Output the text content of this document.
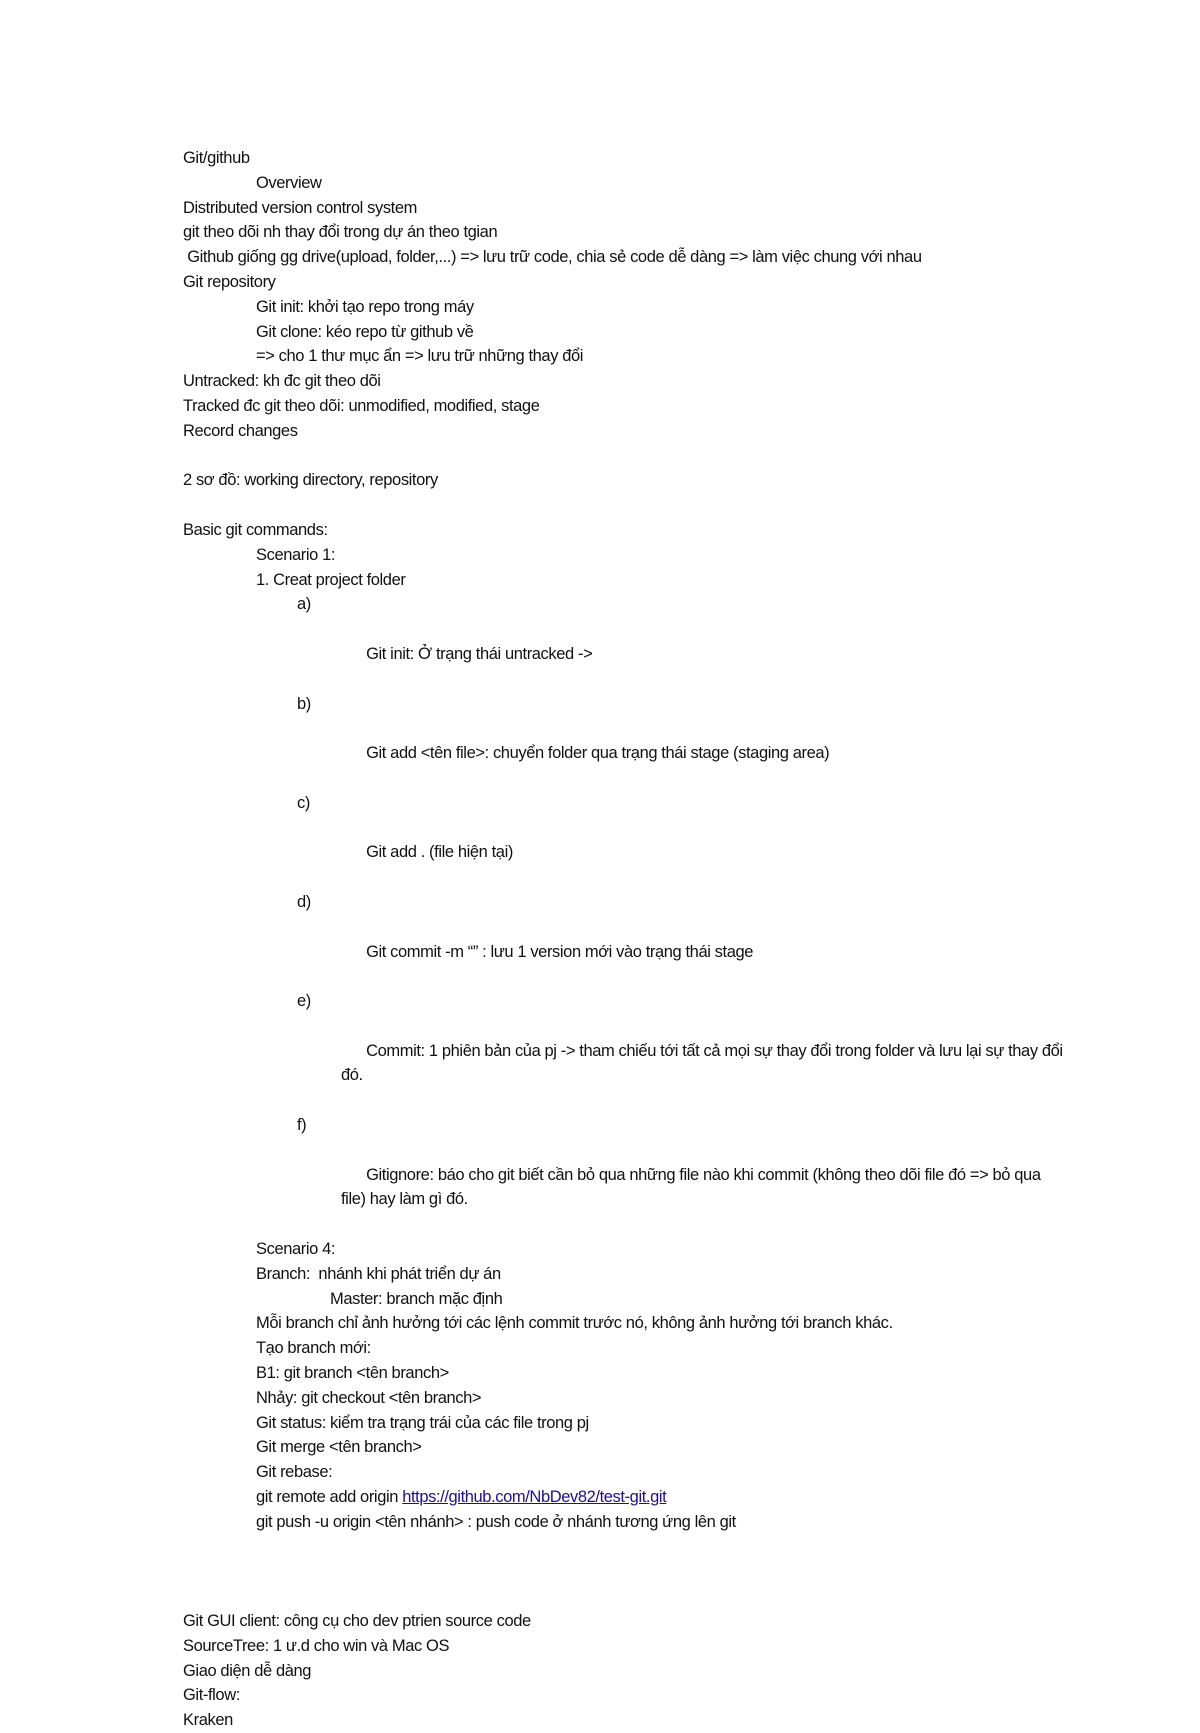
Git/github
Overview
Distributed version control system
git theo dõi nh thay đổi trong dự án theo tgian
Github giống gg drive(upload, folder,...) => lưu trữ code, chia sẻ code dễ dàng => làm việc chung với nhau
Git repository
Git init: khởi tạo repo trong máy
Git clone: kéo repo từ github về
=> cho 1 thư mục ẩn => lưu trữ những thay đổi
Untracked: kh đc git theo dõi
Tracked đc git theo dõi: unmodified, modified, stage
Record changes
2 sơ đồ: working directory, repository
Basic git commands:
Scenario 1:
1. Creat project folder

a)

Git init: Ở trạng thái untracked ->

b)

Git add <tên file>: chuyển folder qua trạng thái stage (staging area)

c)

Git add . (file hiện tại)

d)

Git commit -m “” : lưu 1 version mới vào trạng thái stage

e)

Commit: 1 phiên bản của pj -> tham chiếu tới tất cả mọi sự thay đổi trong folder và lưu lại sự thay đổi đó.

f)

Gitignore: báo cho git biết cần bỏ qua những file nào khi commit (không theo dõi file đó => bỏ qua file) hay làm gì đó.

Scenario 4:
Branch:  nhánh khi phát triển dự án
Master: branch mặc định
Mỗi branch chỉ ảnh hưởng tới các lệnh commit trước nó, không ảnh hưởng tới branch khác.
Tạo branch mới:
B1: git branch <tên branch>
Nhảy: git checkout <tên branch>
Git status: kiểm tra trạng trái của các file trong pj
Git merge <tên branch>
Git rebase:
git remote add origin https://github.com/NbDev82/test-git.git
git push -u origin <tên nhánh> : push code ở nhánh tương ứng lên git
Git GUI client: công cụ cho dev ptrien source code
SourceTree: 1 ư.d cho win và Mac OS
Giao diện dễ dàng
Git-flow:
Kraken
